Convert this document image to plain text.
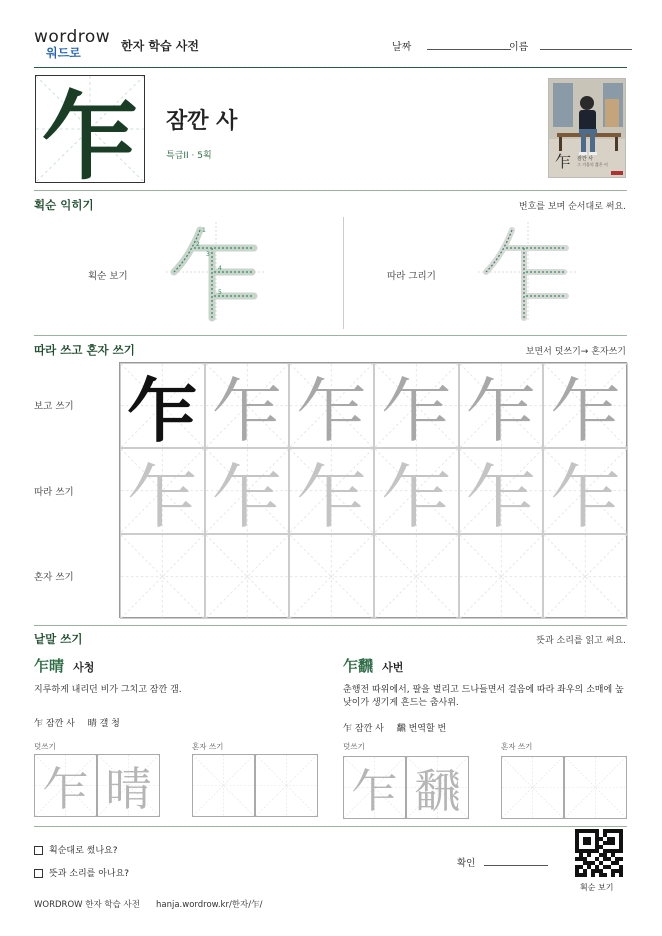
wordrow
워드로	한자 학습 사전	날짜	이름
乍 잠깐 사
특급II · 5획	乍 잠깐 사
그 겨울의 짧은 비
획순 익히기	번호를 보며 순서대로 써요.
획순 보기
1
2
3
4
5
따라 그리기
따라 쓰고 혼자 쓰기	보면서 덧쓰기→ 혼자쓰기
보고 쓰기
따라 쓰기
혼자 쓰기
乍 乍 乍 乍 乍 乍
乍 乍 乍 乍 乍 乍
낱말 쓰기	뜻과 소리를 읽고 써요.
乍晴 사청
지루하게 내리던 비가 그치고 잠깐 갬.
乍 잠깐 사 晴 갤 청
덧쓰기	혼자 쓰기
乍 晴
乍飜 사번
춘행전 따위에서, 팔을 벌리고 드나들면서 걸음에 따라 좌우의 소매에 높낮이가 생기게 흔드는 춤사위.
乍 잠깐 사 飜 번역할 번
덧쓰기	혼자 쓰기
乍 飜
획순대로 썼나요?
뜻과 소리를 아나요?
확인
획순 보기
WORDROW 한자 학습 사전 hanja.wordrow.kr/한자/乍/
